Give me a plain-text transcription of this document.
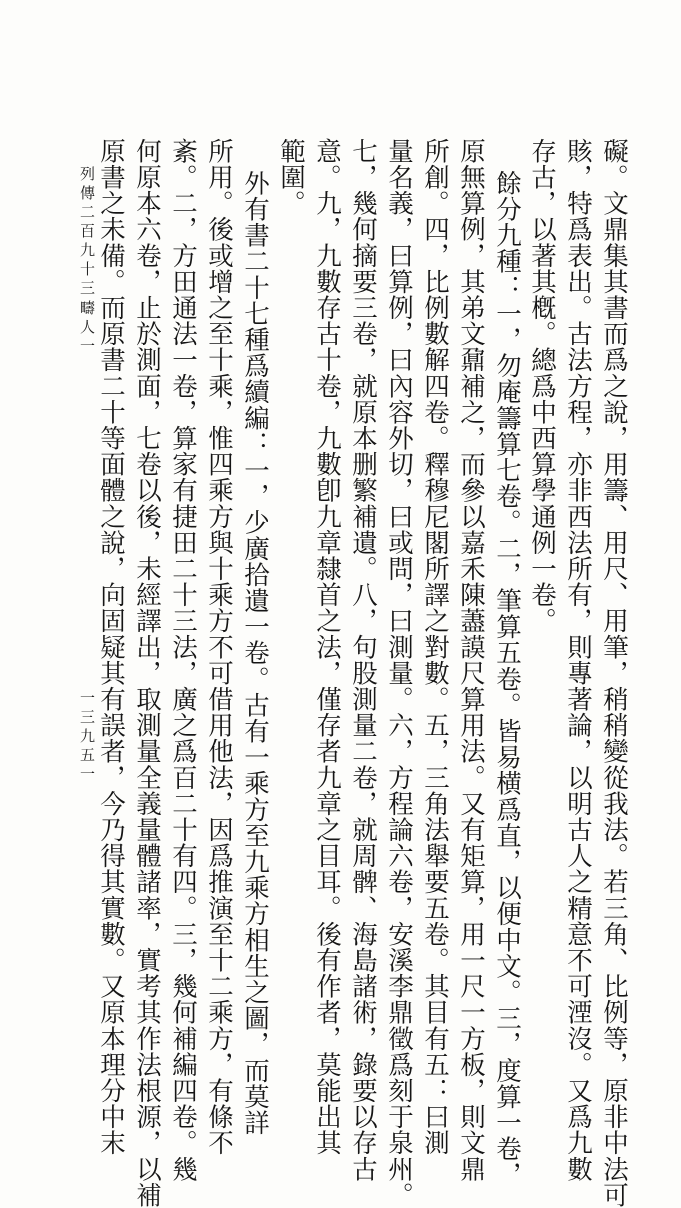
礙。文鼎集其書而爲之說，用籌、用尺、用筆，稍稍變從我法。若三角、比例等，原非中法可
賅，特爲表出。古法方程，亦非西法所有，則專著論，以明古人之精意不可湮沒。又爲九數
存古，以著其槪。總爲中西算學通例一卷。
餘分九種：一，勿庵籌算七卷。二，筆算五卷。皆易横爲直，以便中文。三，度算一卷，
原無算例，其弟文鼐補之，而參以嘉禾陳藎謨尺算用法。又有矩算，用一尺一方板，則文鼎
所創。四，比例數解四卷。釋穆尼閣所譯之對數。五，三角法舉要五卷。其目有五：曰測
量名義，曰算例，曰內容外切，曰或問，曰測量。六，方程論六卷，安溪李鼎徵爲刻于泉州。
七，幾何摘要三卷，就原本删繁補遺。八，句股測量二卷，就周髀、海島諸術，錄要以存古
意。九，九數存古十卷，九數卽九章隸首之法，僅存者九章之目耳。後有作者，莫能出其
範圍。
外有書二十七種爲續編：一，少廣拾遺一卷。古有一乘方至九乘方相生之圖，而莫詳
所用。後或增之至十乘，惟四乘方與十乘方不可借用他法，因爲推演至十二乘方，有條不
紊。二，方田通法一卷，算家有捷田二十三法，廣之爲百二十有四。三，幾何補編四卷。幾
何原本六卷，止於測面，七卷以後，未經譯出，取測量全義量體諸率，實考其作法根源，以補
原書之未備。而原書二十等面體之說，向固疑其有誤者，今乃得其實數。又原本理分中末
列傳二百九十三
疇人一
一三九五一
